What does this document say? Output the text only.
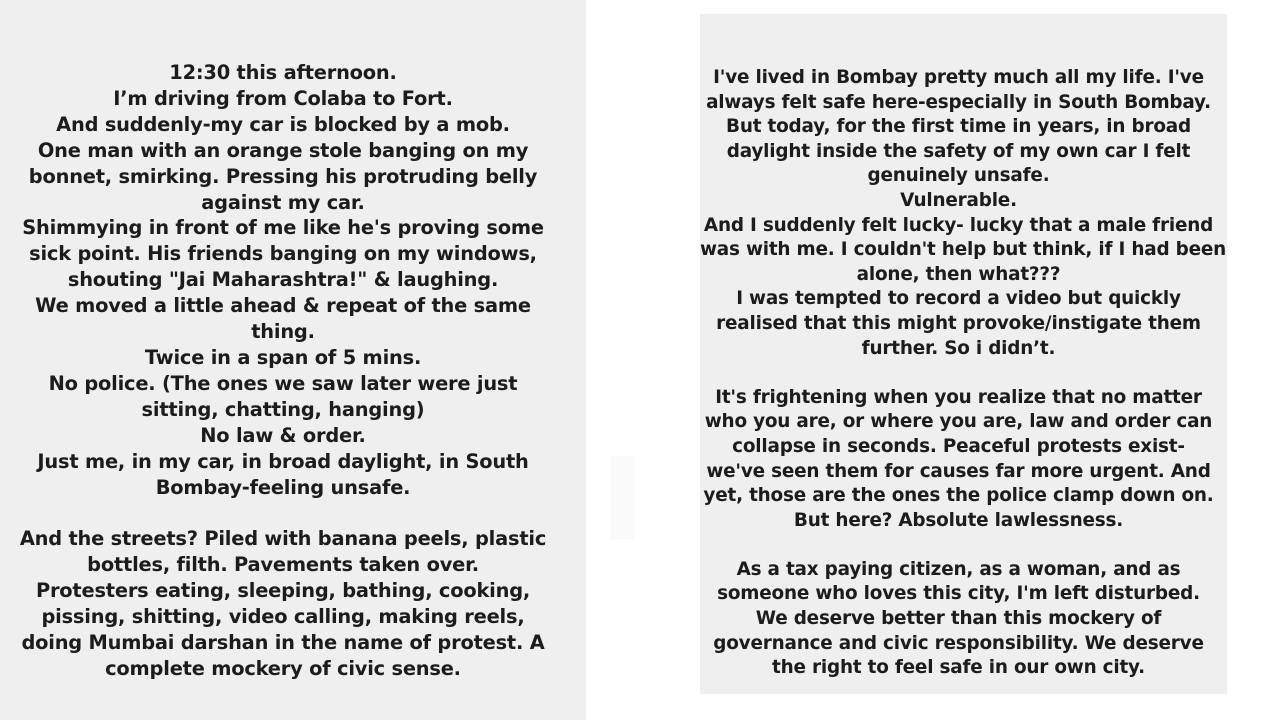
12:30 this afternoon.
I’m driving from Colaba to Fort.
And suddenly-my car is blocked by a mob.
One man with an orange stole banging on my
bonnet, smirking. Pressing his protruding belly
against my car.
Shimmying in front of me like he's proving some
sick point. His friends banging on my windows,
shouting "Jai Maharashtra!" & laughing.
We moved a little ahead & repeat of the same
thing.
Twice in a span of 5 mins.
No police. (The ones we saw later were just
sitting, chatting, hanging)
No law & order.
Just me, in my car, in broad daylight, in South
Bombay-feeling unsafe.
And the streets? Piled with banana peels, plastic
bottles, filth. Pavements taken over.
Protesters eating, sleeping, bathing, cooking,
pissing, shitting, video calling, making reels,
doing Mumbai darshan in the name of protest. A
complete mockery of civic sense.
I've lived in Bombay pretty much all my life. I've
always felt safe here-especially in South Bombay.
But today, for the first time in years, in broad
daylight inside the safety of my own car I felt
genuinely unsafe.
Vulnerable.
And I suddenly felt lucky- lucky that a male friend
was with me. I couldn't help but think, if I had been
alone, then what???
I was tempted to record a video but quickly
realised that this might provoke/instigate them
further. So i didn’t.
It's frightening when you realize that no matter
who you are, or where you are, law and order can
collapse in seconds. Peaceful protests exist-
we've seen them for causes far more urgent. And
yet, those are the ones the police clamp down on.
But here? Absolute lawlessness.
As a tax paying citizen, as a woman, and as
someone who loves this city, I'm left disturbed.
We deserve better than this mockery of
governance and civic responsibility. We deserve
the right to feel safe in our own city.
